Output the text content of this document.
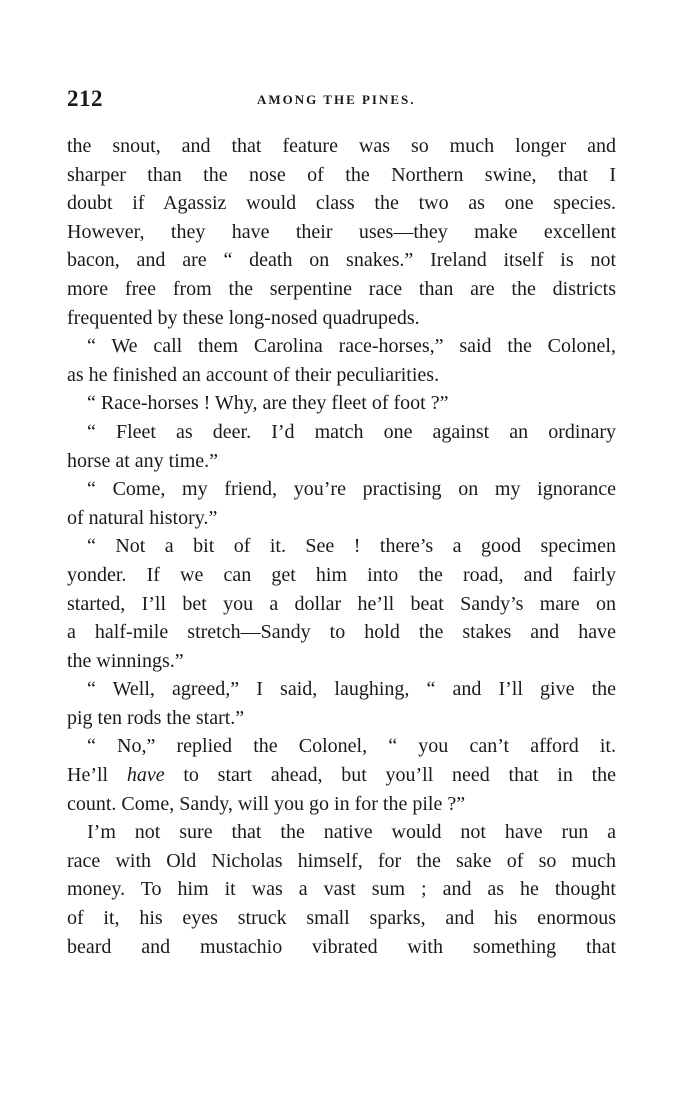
212	AMONG THE PINES.
the snout, and that feature was so much longer and
sharper than the nose of the Northern swine, that I
doubt if Agassiz would class the two as one species.
However, they have their uses—they make excellent
bacon, and are “ death on snakes.” Ireland itself is not
more free from the serpentine race than are the districts
frequented by these long-nosed quadrupeds.
“ We call them Carolina race-horses,” said the Colonel,
as he finished an account of their peculiarities.
“ Race-horses ! Why, are they fleet of foot ?”
“ Fleet as deer. I’d match one against an ordinary
horse at any time.”
“ Come, my friend, you’re practising on my ignorance
of natural history.”
“ Not a bit of it. See ! there’s a good specimen
yonder. If we can get him into the road, and fairly
started, I’ll bet you a dollar he’ll beat Sandy’s mare on
a half-mile stretch—Sandy to hold the stakes and have
the winnings.”
“ Well, agreed,” I said, laughing, “ and I’ll give the
pig ten rods the start.”
“ No,” replied the Colonel, “ you can’t afford it.
He’ll have to start ahead, but you’ll need that in the
count. Come, Sandy, will you go in for the pile ?”
I’m not sure that the native would not have run a
race with Old Nicholas himself, for the sake of so much
money. To him it was a vast sum ; and as he thought
of it, his eyes struck small sparks, and his enormous
beard and mustachio vibrated with something that
